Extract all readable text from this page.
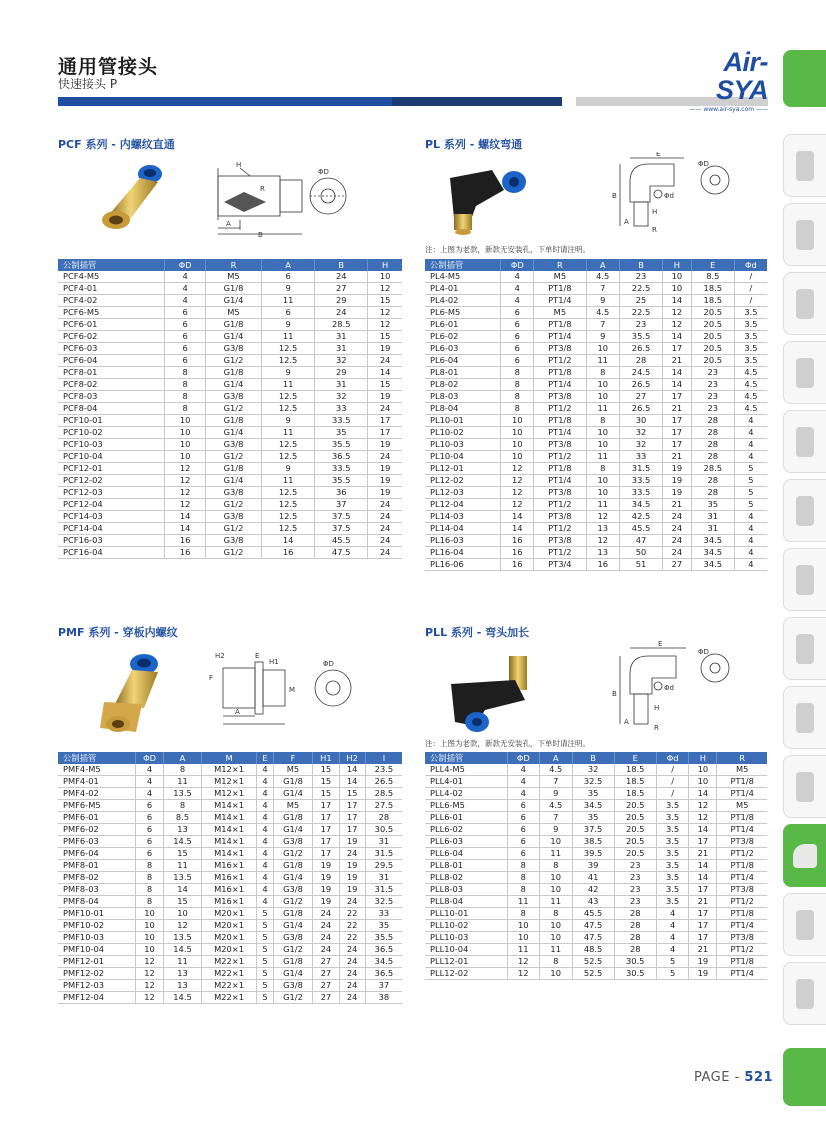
通用管接头
快速接头 P
Air-SYA
—— www.air-sya.com ——
PCF 系列 - 内螺纹直通
H
R
A
B
ΦD
公制插管	ΦD	R	A	B	H
PCF4-M5	4	M5	6	24	10
PCF4-01	4	G1/8	9	27	12
PCF4-02	4	G1/4	11	29	15
PCF6-M5	6	M5	6	24	12
PCF6-01	6	G1/8	9	28.5	12
PCF6-02	6	G1/4	11	31	15
PCF6-03	6	G3/8	12.5	31	19
PCF6-04	6	G1/2	12.5	32	24
PCF8-01	8	G1/8	9	29	14
PCF8-02	8	G1/4	11	31	15
PCF8-03	8	G3/8	12.5	32	19
PCF8-04	8	G1/2	12.5	33	24
PCF10-01	10	G1/8	9	33.5	17
PCF10-02	10	G1/4	11	35	17
PCF10-03	10	G3/8	12.5	35.5	19
PCF10-04	10	G1/2	12.5	36.5	24
PCF12-01	12	G1/8	9	33.5	19
PCF12-02	12	G1/4	11	35.5	19
PCF12-03	12	G3/8	12.5	36	19
PCF12-04	12	G1/2	12.5	37	24
PCF14-03	14	G3/8	12.5	37.5	24
PCF14-04	14	G1/2	12.5	37.5	24
PCF16-03	16	G3/8	14	45.5	24
PCF16-04	16	G1/2	16	47.5	24
PL 系列 - 螺纹弯通
E
ΦD
Φd
B
A
H
R
注：上图为老款，新款无安装孔，下单时请注明。
公制插管	ΦD	R	A	B	H	E	Φd
PL4-M5	4	M5	4.5	23	10	8.5	/
PL4-01	4	PT1/8	7	22.5	10	18.5	/
PL4-02	4	PT1/4	9	25	14	18.5	/
PL6-M5	6	M5	4.5	22.5	12	20.5	3.5
PL6-01	6	PT1/8	7	23	12	20.5	3.5
PL6-02	6	PT1/4	9	35.5	14	20.5	3.5
PL6-03	6	PT3/8	10	26.5	17	20.5	3.5
PL6-04	6	PT1/2	11	28	21	20.5	3.5
PL8-01	8	PT1/8	8	24.5	14	23	4.5
PL8-02	8	PT1/4	10	26.5	14	23	4.5
PL8-03	8	PT3/8	10	27	17	23	4.5
PL8-04	8	PT1/2	11	26.5	21	23	4.5
PL10-01	10	PT1/8	8	30	17	28	4
PL10-02	10	PT1/4	10	32	17	28	4
PL10-03	10	PT3/8	10	32	17	28	4
PL10-04	10	PT1/2	11	33	21	28	4
PL12-01	12	PT1/8	8	31.5	19	28.5	5
PL12-02	12	PT1/4	10	33.5	19	28	5
PL12-03	12	PT3/8	10	33.5	19	28	5
PL12-04	12	PT1/2	11	34.5	21	35	5
PL14-03	14	PT3/8	12	42.5	24	31	4
PL14-04	14	PT1/2	13	45.5	24	31	4
PL16-03	16	PT3/8	12	47	24	34.5	4
PL16-04	16	PT1/2	13	50	24	34.5	4
PL16-06	16	PT3/4	16	51	27	34.5	4
PMF 系列 - 穿板内螺纹
H2	E
H1
F
M
A
ΦD
公制插管	ΦD	A	M	E	F	H1	H2	I
PMF4-M5	4	8	M12×1	4	M5	15	14	23.5
PMF4-01	4	11	M12×1	4	G1/8	15	14	26.5
PMF4-02	4	13.5	M12×1	4	G1/4	15	15	28.5
PMF6-M5	6	8	M14×1	4	M5	17	17	27.5
PMF6-01	6	8.5	M14×1	4	G1/8	17	17	28
PMF6-02	6	13	M14×1	4	G1/4	17	17	30.5
PMF6-03	6	14.5	M14×1	4	G3/8	17	19	31
PMF6-04	6	15	M14×1	4	G1/2	17	24	31.5
PMF8-01	8	11	M16×1	4	G1/8	19	19	29.5
PMF8-02	8	13.5	M16×1	4	G1/4	19	19	31
PMF8-03	8	14	M16×1	4	G3/8	19	19	31.5
PMF8-04	8	15	M16×1	4	G1/2	19	24	32.5
PMF10-01	10	10	M20×1	5	G1/8	24	22	33
PMF10-02	10	12	M20×1	5	G1/4	24	22	35
PMF10-03	10	13.5	M20×1	5	G3/8	24	22	35.5
PMF10-04	10	14.5	M20×1	5	G1/2	24	24	36.5
PMF12-01	12	11	M22×1	5	G1/8	27	24	34.5
PMF12-02	12	13	M22×1	5	G1/4	27	24	36.5
PMF12-03	12	13	M22×1	5	G3/8	27	24	37
PMF12-04	12	14.5	M22×1	5	G1/2	27	24	38
PLL 系列 - 弯头加长
E
ΦD
Φd
B
A
H
R
注：上图为老款，新款无安装孔，下单时请注明。
公制插管	ΦD	A	B	E	Φd	H	R
PLL4-M5	4	4.5	32	18.5	/	10	M5
PLL4-01	4	7	32.5	18.5	/	10	PT1/8
PLL4-02	4	9	35	18.5	/	14	PT1/4
PLL6-M5	6	4.5	34.5	20.5	3.5	12	M5
PLL6-01	6	7	35	20.5	3.5	12	PT1/8
PLL6-02	6	9	37.5	20.5	3.5	14	PT1/4
PLL6-03	6	10	38.5	20.5	3.5	17	PT3/8
PLL6-04	6	11	39.5	20.5	3.5	21	PT1/2
PLL8-01	8	8	39	23	3.5	14	PT1/8
PLL8-02	8	10	41	23	3.5	14	PT1/4
PLL8-03	8	10	42	23	3.5	17	PT3/8
PLL8-04	11	11	43	23	3.5	21	PT1/2
PLL10-01	8	8	45.5	28	4	17	PT1/8
PLL10-02	10	10	47.5	28	4	17	PT1/4
PLL10-03	10	10	47.5	28	4	17	PT3/8
PLL10-04	11	11	48.5	28	4	21	PT1/2
PLL12-01	12	8	52.5	30.5	5	19	PT1/8
PLL12-02	12	10	52.5	30.5	5	19	PT1/4
PAGE - 521
